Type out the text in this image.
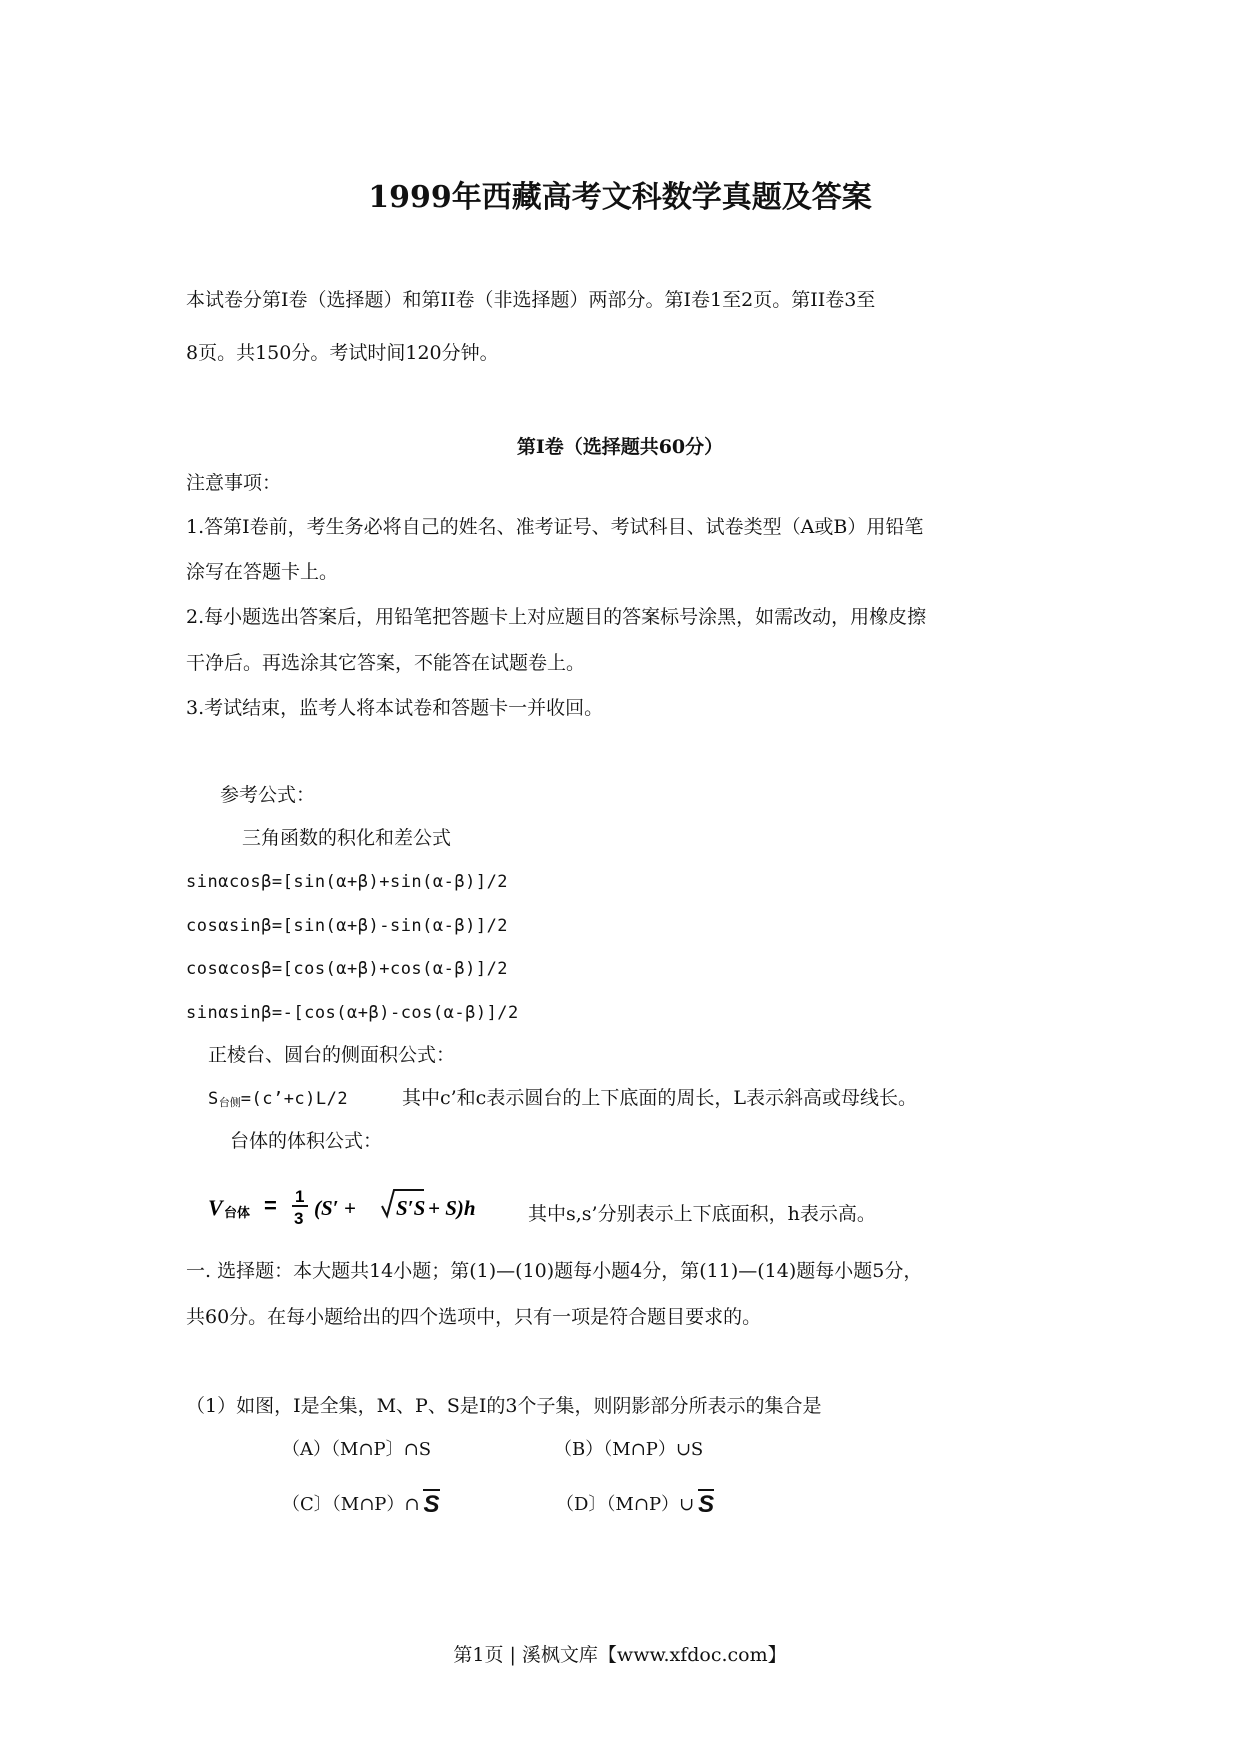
1999年西藏高考文科数学真题及答案
本试卷分第Ⅰ卷（选择题）和第II卷（非选择题）两部分。第Ⅰ卷1至2页。第II卷3至
8页。共150分。考试时间120分钟。
第Ⅰ卷（选择题共60分）
注意事项：
1.答第Ⅰ卷前，考生务必将自己的姓名、准考证号、考试科目、试卷类型（A或B）用铅笔
涂写在答题卡上。
2.每小题选出答案后，用铅笔把答题卡上对应题目的答案标号涂黑，如需改动，用橡皮擦
干净后。再选涂其它答案，不能答在试题卷上。
3.考试结束，监考人将本试卷和答题卡一并收回。
参考公式：
三角函数的积化和差公式
sinαcosβ=[sin(α+β)+sin(α-β)]/2
cosαsinβ=[sin(α+β)-sin(α-β)]/2
cosαcosβ=[cos(α+β)+cos(α-β)]/2
sinαsinβ=-[cos(α+β)-cos(α-β)]/2
正棱台、圆台的侧面积公式：
S台侧=(c’+c)L/2	其中c’和c表示圆台的上下底面的周长，L表示斜高或母线长。
台体的体积公式：
V 台体 = 1
3 (S′ + S′S + S)h	其中s,s’分别表示上下底面积，h表示高。
一. 选择题：本大题共14小题；第(1)—(10)题每小题4分，第(11)—(14)题每小题5分，
共60分。在每小题给出的四个选项中，只有一项是符合题目要求的。
（1）如图，I是全集，M、P、S是I的3个子集，则阴影部分所表示的集合是
（A）（M∩P〕∩S	（B）（M∩P）∪S
（C〕（M∩P）∩ S	（D〕（M∩P）∪ S
第1页 | 溪枫文库【www.xfdoc.com】
